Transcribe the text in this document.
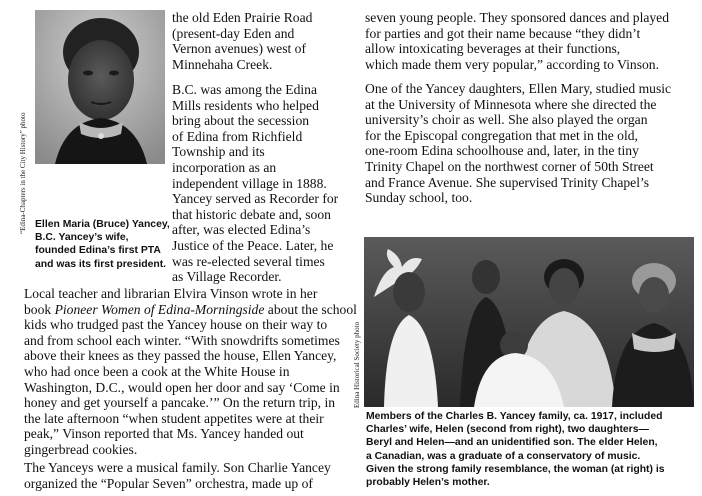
“Edina-Chapters in the City History” photo Ellen Maria (Bruce) Yancey,
B.C. Yancey’s wife,
founded Edina’s first PTA
and was its first president.
the old Eden Prairie Road
(present-day Eden and
Vernon avenues) west of
Minnehaha Creek.
B.C. was among the Edina
Mills residents who helped
bring about the secession
of Edina from Richfield
Township and its
incorporation as an
independent village in 1888.
Yancey served as Recorder for
that historic debate and, soon
after, was elected Edina’s
Justice of the Peace. Later, he
was re-elected several times
as Village Recorder.
Local teacher and librarian Elvira Vinson wrote in her
book Pioneer Women of Edina-Morningside about the school
kids who trudged past the Yancey house on their way to
and from school each winter. “With snowdrifts sometimes
above their knees as they passed the house, Ellen Yancey,
who had once been a cook at the White House in
Washington, D.C., would open her door and say ‘Come in
honey and get yourself a pancake.’” On the return trip, in
the late afternoon “when student appetites were at their
peak,” Vinson reported that Ms. Yancey handed out
gingerbread cookies.
The Yanceys were a musical family. Son Charlie Yancey
organized the “Popular Seven” orchestra, made up of
seven young people. They sponsored dances and played
for parties and got their name because “they didn’t
allow intoxicating beverages at their functions,
which made them very popular,” according to Vinson.
One of the Yancey daughters, Ellen Mary, studied music
at the University of Minnesota where she directed the
university’s choir as well. She also played the organ
for the Episcopal congregation that met in the old,
one-room Edina schoolhouse and, later, in the tiny
Trinity Chapel on the northwest corner of 50th Street
and France Avenue. She supervised Trinity Chapel’s
Sunday school, too.
Edina Historical Society photo
Members of the Charles B. Yancey family, ca. 1917, included
Charles’ wife, Helen (second from right), two daughters—
Beryl and Helen—and an unidentified son. The elder Helen,
a Canadian, was a graduate of a conservatory of music.
Given the strong family resemblance, the woman (at right) is
probably Helen’s mother.
